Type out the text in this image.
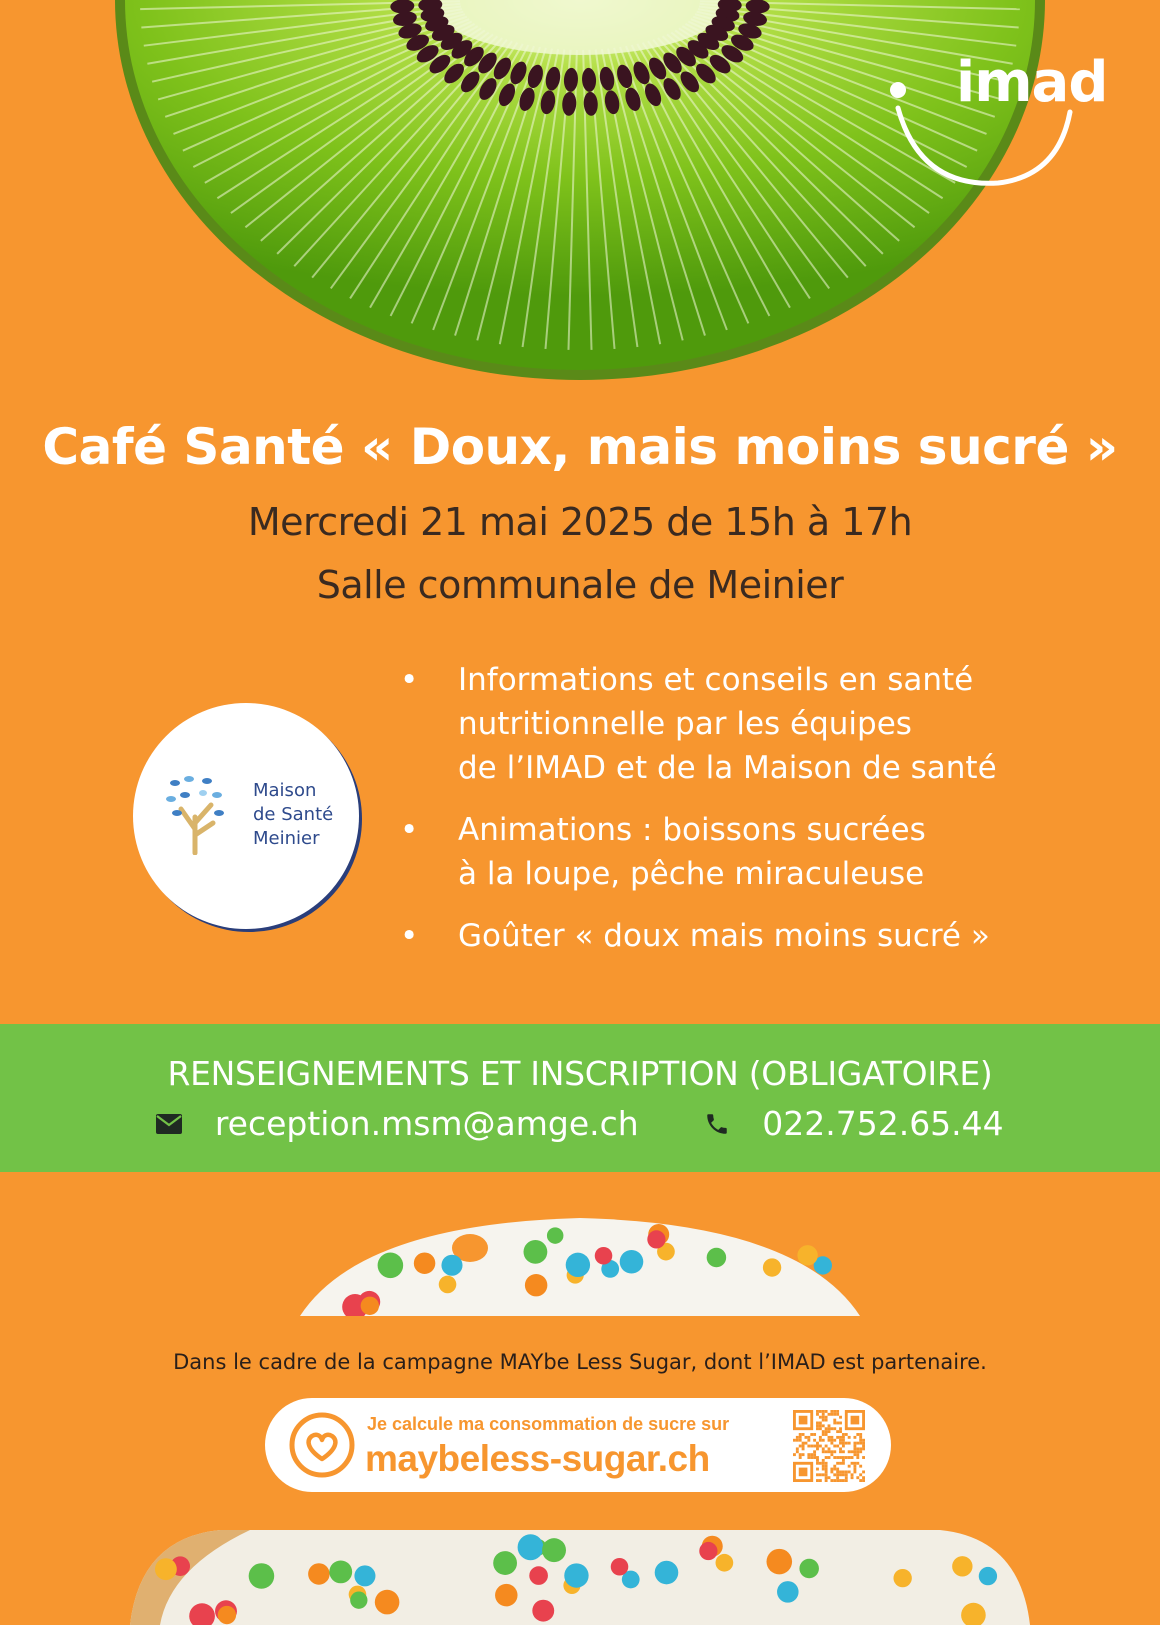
imad
Café Santé « Doux, mais moins sucré »
Mercredi 21 mai 2025 de 15h à 17h
Salle communale de Meinier
Maison
de Santé
Meinier
• Informations et conseils en santé
nutritionnelle par les équipes
de l’IMAD et de la Maison de santé
• Animations : boissons sucrées
à la loupe, pêche miraculeuse
• Goûter « doux mais moins sucré »
RENSEIGNEMENTS ET INSCRIPTION (OBLIGATOIRE)
reception.msm@amge.ch	022.752.65.44
Dans le cadre de la campagne MAYbe Less Sugar, dont l’IMAD est partenaire.
Je calcule ma consommation de sucre sur
maybeless-sugar.ch
